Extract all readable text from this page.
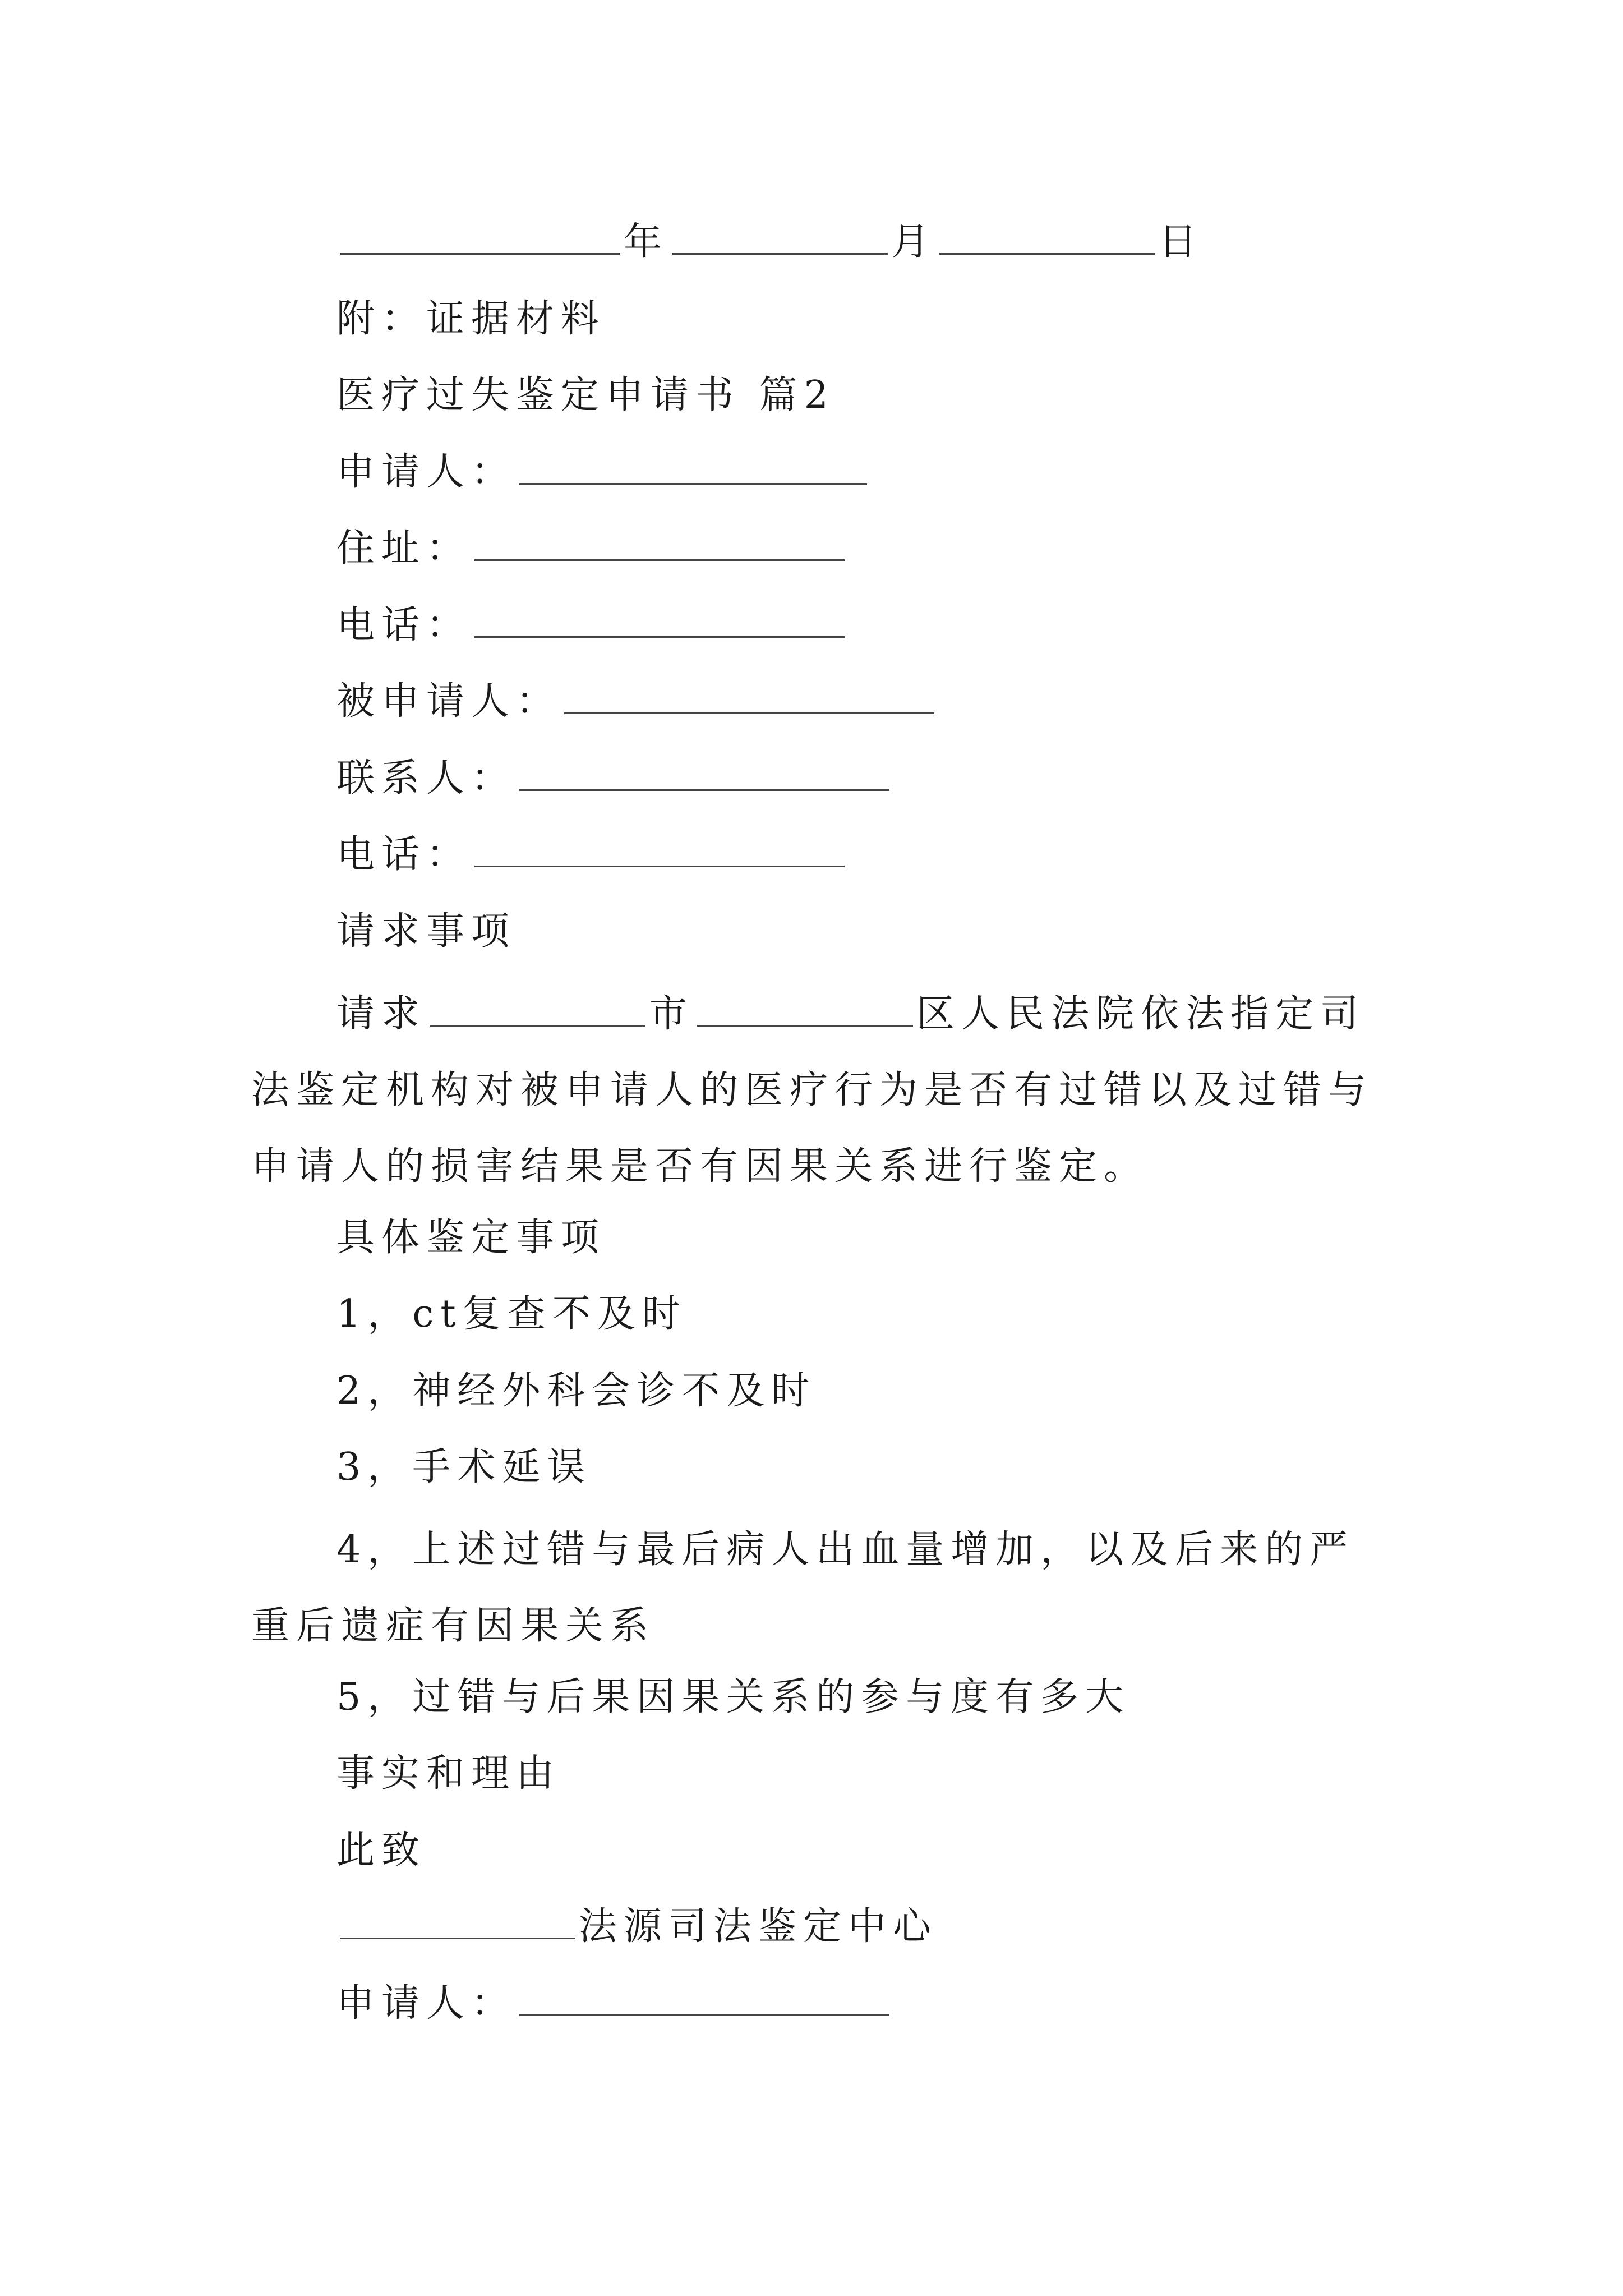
年	月	日
附：证据材料
医疗过失鉴定申请书 篇2
申请人：
住址：
电话：
被申请人：
联系人：
电话：
请求事项
请求	市	区人民法院依法指定司法鉴定机构对被申请人的医疗行为是否有过错以及过错与申请人的损害结果是否有因果关系进行鉴定。
具体鉴定事项
1，ct复查不及时
2，神经外科会诊不及时
3，手术延误
4，上述过错与最后病人出血量增加，以及后来的严重后遗症有因果关系
5，过错与后果因果关系的参与度有多大
事实和理由
此致
法源司法鉴定中心
申请人：
